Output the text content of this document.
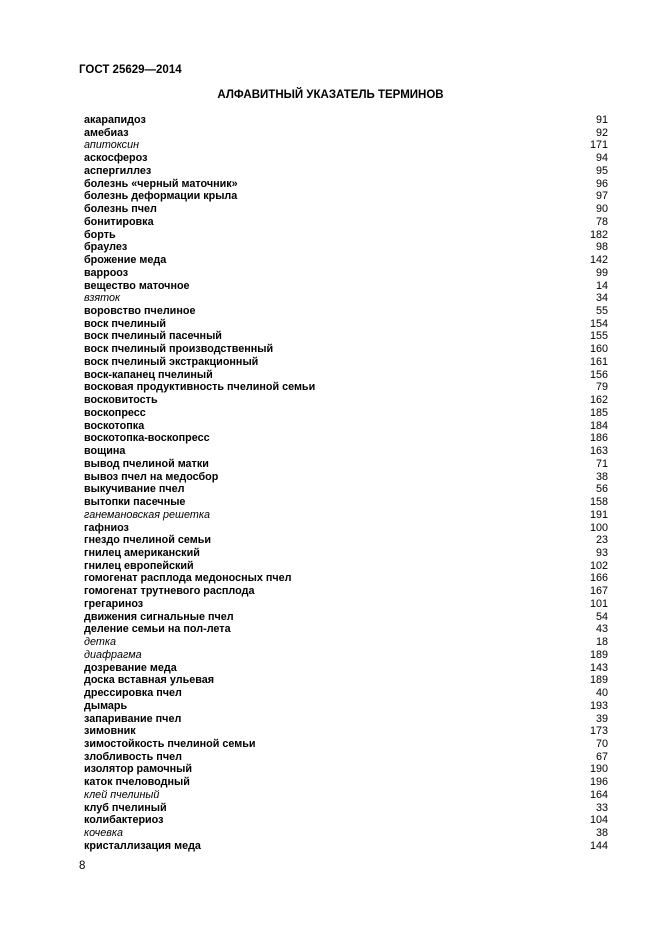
ГОСТ 25629—2014
АЛФАВИТНЫЙ УКАЗАТЕЛЬ ТЕРМИНОВ
акарапидоз	91
амебиаз	92
апитоксин	171
аскосфероз	94
аспергиллез	95
болезнь «черный маточник»	96
болезнь деформации крыла	97
болезнь пчел	90
бонитировка	78
борть	182
браулез	98
брожение меда	142
варрооз	99
вещество маточное	14
взяток	34
воровство пчелиное	55
воск пчелиный	154
воск пчелиный пасечный	155
воск пчелиный производственный	160
воск пчелиный экстракционный	161
воск-капанец пчелиный	156
восковая продуктивность пчелиной семьи	79
восковитость	162
воскопресс	185
воскотопка	184
воскотопка-воскопресс	186
вощина	163
вывод пчелиной матки	71
вывоз пчел на медосбор	38
выкучивание пчел	56
вытопки пасечные	158
ганемановская решетка	191
гафниоз	100
гнездо пчелиной семьи	23
гнилец американский	93
гнилец европейский	102
гомогенат расплода медоносных пчел	166
гомогенат трутневого расплода	167
грегариноз	101
движения сигнальные пчел	54
деление семьи на пол-лета	43
детка	18
диафрагма	189
дозревание меда	143
доска вставная ульевая	189
дрессировка пчел	40
дымарь	193
запаривание пчел	39
зимовник	173
зимостойкость пчелиной семьи	70
злобливость пчел	67
изолятор рамочный	190
каток пчеловодный	196
клей пчелиный	164
клуб пчелиный	33
колибактериоз	104
кочевка	38
кристаллизация меда	144
8
